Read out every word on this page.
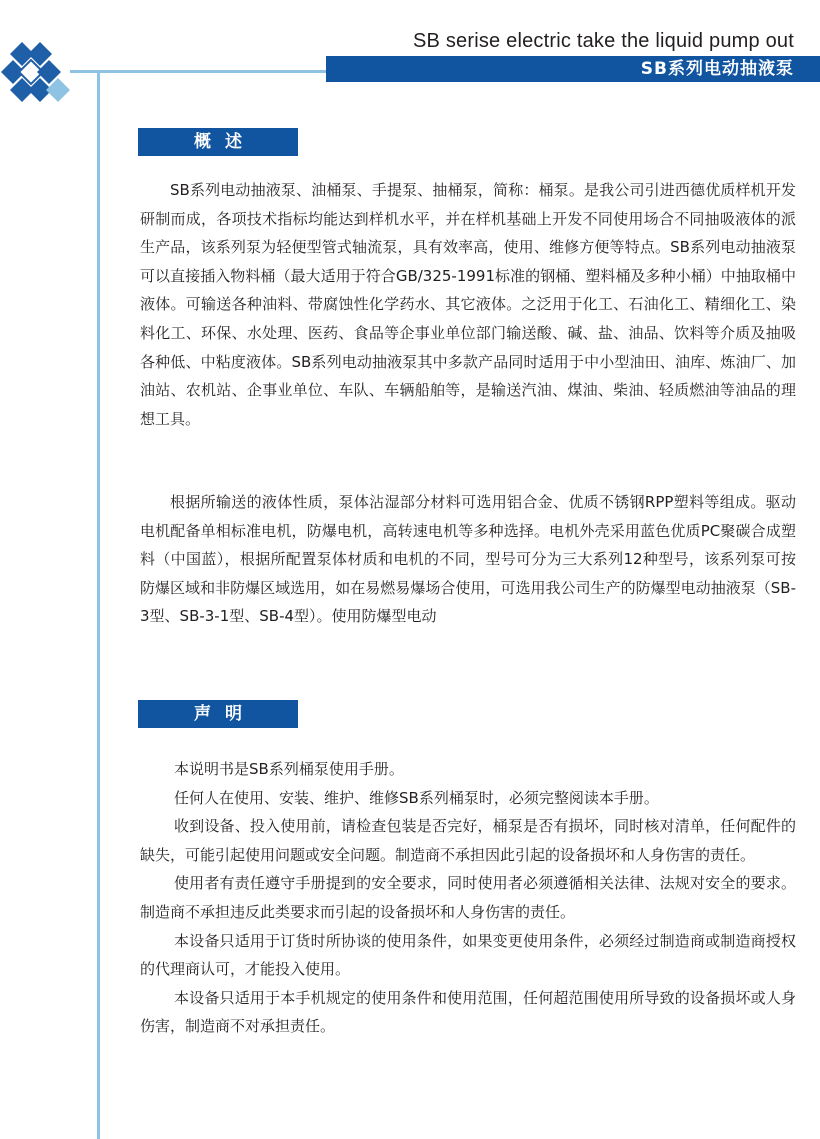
SB serise electric take the liquid pump out
SB系列电动抽液泵
概述

SB系列电动抽液泵、油桶泵、手提泵、抽桶泵，简称：桶泵。是我公司引进西德优质样机开发研制而成，各项技术指标均能达到样机水平，并在样机基础上开发不同使用场合不同抽吸液体的派生产品，该系列泵为轻便型管式轴流泵，具有效率高，使用、维修方便等特点。SB系列电动抽液泵可以直接插入物料桶（最大适用于符合GB/325-1991标准的钢桶、塑料桶及多种小桶）中抽取桶中液体。可输送各种油料、带腐蚀性化学药水、其它液体。之泛用于化工、石油化工、精细化工、染料化工、环保、水处理、医药、食品等企事业单位部门输送酸、碱、盐、油品、饮料等介质及抽吸各种低、中粘度液体。SB系列电动抽液泵其中多款产品同时适用于中小型油田、油库、炼油厂、加油站、农机站、企事业单位、车队、车辆船舶等，是输送汽油、煤油、柴油、轻质燃油等油品的理想工具。

根据所输送的液体性质，泵体沾湿部分材料可选用铝合金、优质不锈钢RPP塑料等组成。驱动电机配备单相标准电机，防爆电机，高转速电机等多种选择。电机外壳采用蓝色优质PC聚碳合成塑料（中国蓝），根据所配置泵体材质和电机的不同，型号可分为三大系列12种型号，该系列泵可按防爆区域和非防爆区域选用，如在易燃易爆场合使用，可选用我公司生产的防爆型电动抽液泵（SB-3型、SB-3-1型、SB-4型）。使用防爆型电动

声明

本说明书是SB系列桶泵使用手册。

任何人在使用、安装、维护、维修SB系列桶泵时，必须完整阅读本手册。

收到设备、投入使用前，请检查包装是否完好，桶泵是否有损坏，同时核对清单，任何配件的缺失，可能引起使用问题或安全问题。制造商不承担因此引起的设备损坏和人身伤害的责任。

使用者有责任遵守手册提到的安全要求，同时使用者必须遵循相关法律、法规对安全的要求。制造商不承担违反此类要求而引起的设备损坏和人身伤害的责任。

本设备只适用于订货时所协谈的使用条件，如果变更使用条件，必须经过制造商或制造商授权的代理商认可，才能投入使用。

本设备只适用于本手机规定的使用条件和使用范围，任何超范围使用所导致的设备损坏或人身伤害，制造商不对承担责任。
